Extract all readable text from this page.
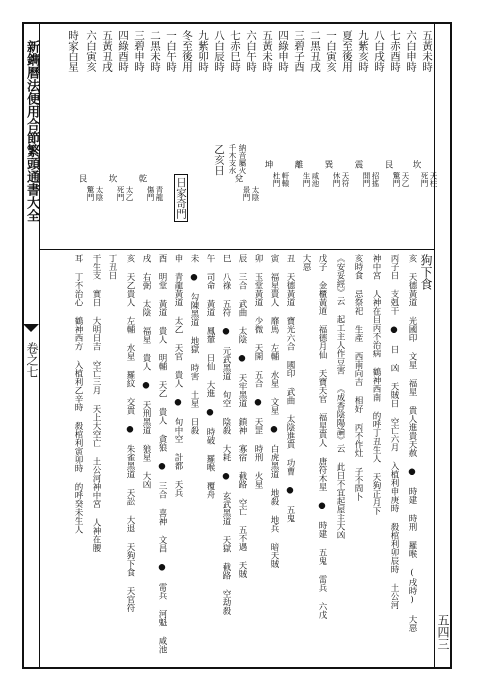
新鐫曆法便用合節繁頭通書大全
卷之七
五四三
五黃未時
六白申時
七赤酉時
八白戌時
九紫亥時
夏至後用
一白寅亥
二黑丑戌
三碧子酉
四綠申時
五黃未時
六白午時
七赤巳時
八白辰時
九紫卯時
冬至後用
一白午時
二黑未時
三碧申時
四綠酉時
五黃丑戌
六白寅亥
時家白星
乙亥日 千木支水 納音屬火	坎
死門 天柱
艮
驚門 天乙
震
開門 招搖
巽
休門 天符
離
生門 咸池
坤
杜門 軒轅
兌
景門 太陰
日家奇門
乾
傷門 青龍
坎
死門 太乙
艮
驚門 太陰
狗下食
亥 天德黃道 光國印 文星 福星 貴人進貴天赦 ● 時建 時刑 羅喉 (戌時) 大惡
丙子日 支剋干 ● 日 凶 天賊日 空亡六月 入植利申庚時 殺棺利卯辰時 土公河
神中宮 人神在目丙不治病 鶴神西南 的呼丁丑生人 天狗正月下
亥時食 忌祭祀 生產 西南向吉 相好 丙不作灶 子不問卜
《安妥經》云 起工主人作豆害 《成香陰陽論》云 此日不宜起屋主大凶
戊子 金櫃黃道 福德月仙 天寶天官 福星貴人 唐符木星 ● 時建 五鬼 雷兵 六戊
大惡
丑 天德黃道 寶光六合 國印 武曲 太陰進貴 功曹 ● 五鬼
寅 福星貴人 靡馬 左輔 水星 文星 ● 白虎黑道 地殺 地兵 暗天賊
卯 玉堂黃道 少微 天開 五合 ● 天罡 時刑 火星
辰 三合 武曲 太陰 ● 天牢黑道 鎖神 寡宿 截路 空亡 五不遇 天賊
巳 八祿 五符 ● 元武黑道 旬空 陰殺 大耗 ● 玄武黑道 天獄 截路 空劫殺
午 司命 黃道 鳳輦 日仙 大進 ● 時破 羅喉 覆舟
未 ● 勾陳黑道 地獄 時害 土星 日殺
申 青龍黃道 太乙 天官 貴人 ● 旬中空 計都 天兵
酉 明堂 黃道 貴人 明輔 天乙 貴人 貪狼 ● 三合 喜神 文昌 ● 雷兵 河魁 咸池
戌 右弼 太陰 福星 貴人 ● 天刑黑道 狼星 大凶
亥 天乙貴人 左輔 水星 羅紋 交貴 ● 朱雀黑道 天訟 大退 天狗下食 天官符
丁丑日
干生支 實日 大明日吉 空亡三月 天上大空亡 土公河神中宮 人神在腰
耳 丁不治心 鶴神西方 入植利乙辛時 殺棺利寅卯時 的呼癸未生人
